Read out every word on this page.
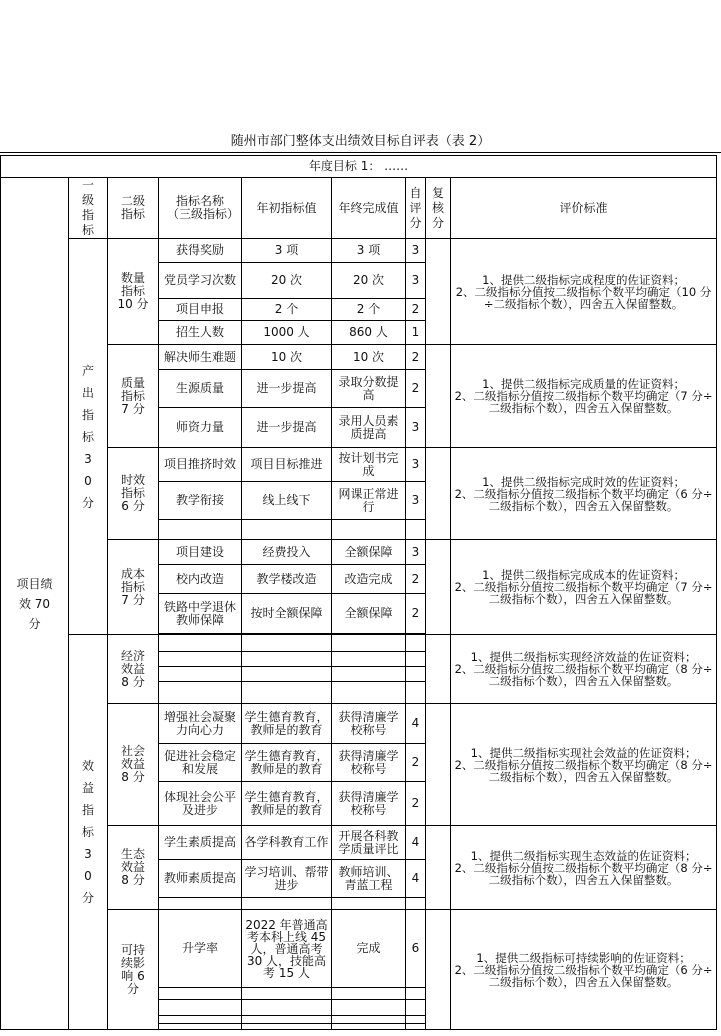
随州市部门整体支出绩效目标自评表（表 2）
年度目标 1： ……								

项目绩效 70 分	一级指标	二级指标	指标名称（三级指标）	年初指标值	年终完成值	自评分	复核分	评价标准

	产出指标 30 分	数量指标 10 分	获得奖励	3 项	3 项	3		1、提供二级指标完成程度的佐证资料；
2、二级指标分值按二级指标个数平均确定（10 分÷二级指标个数），四舍五入保留整数。
			党员学习次数	20 次	20 次	3		
			项目申报	2 个	2 个	2		
			招生人数	1000 人	860 人	1		

		质量指标 7 分	解决师生难题	10 次	10 次	2		1、提供二级指标完成质量的佐证资料；
2、二级指标分值按二级指标个数平均确定（7 分÷二级指标个数），四舍五入保留整数。
			生源质量	进一步提高	录取分数提高	2		
			师资力量	进一步提高	录用人员素质提高	3		

		时效指标 6 分	项目推挤时效	项目目标推进	按计划书完成	3		1、提供二级指标完成时效的佐证资料；
2、二级指标分值按二级指标个数平均确定（6 分÷二级指标个数），四舍五入保留整数。
			教学衔接	线上线下	网课正常进行	3		

		成本指标 7 分	项目建设	经费投入	全额保障	3		1、提供二级指标完成成本的佐证资料；
2、二级指标分值按二级指标个数平均确定（7 分÷二级指标个数），四舍五入保留整数。
			校内改造	教学楼改造	改造完成	2		
			铁路中学退休教师保障	按时全额保障	全额保障	2		

	效益指标 30 分	经济效益 8 分						1、提供二级指标实现经济效益的佐证资料；
2、二级指标分值按二级指标个数平均确定（8 分÷二级指标个数），四舍五入保留整数。

		社会效益 8 分	增强社会凝聚力向心力	学生德育教育，教师是的教育	获得清廉学校称号	4		1、提供二级指标实现社会效益的佐证资料；
2、二级指标分值按二级指标个数平均确定（8 分÷二级指标个数），四舍五入保留整数。
			促进社会稳定和发展	学生德育教育，教师是的教育	获得清廉学校称号	2		
			体现社会公平及进步	学生德育教育，教师是的教育	获得清廉学校称号	2		

		生态效益 8 分	学生素质提高	各学科教育工作	开展各科教学质量评比	4		1、提供二级指标实现生态效益的佐证资料；
2、二级指标分值按二级指标个数平均确定（8 分÷二级指标个数），四舍五入保留整数。
			教师素质提高	学习培训、帮带进步	教师培训、青蓝工程	4		

		可持续影响 6 分	升学率	2022 年普通高考本科上线 45 人，普通高考 30 人，技能高考 15 人	完成	6		1、提供二级指标可持续影响的佐证资料；
2、二级指标分值按二级指标个数平均确定（6 分÷二级指标个数），四舍五入保留整数。
